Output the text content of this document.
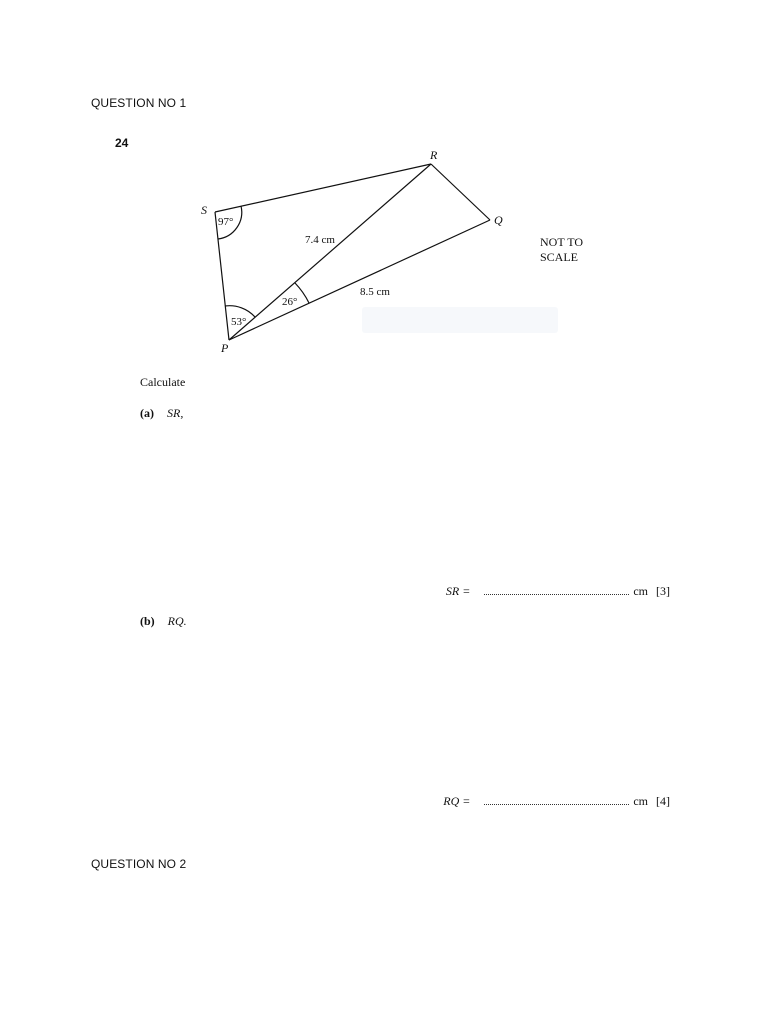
QUESTION NO 1
24
S
R
Q
P
97°
53°
26°
7.4 cm
8.5 cm
NOT TO
SCALE
Calculate
(a) SR,
SR =	cm [3]
(b) RQ.
RQ =	cm [4]
QUESTION NO 2
